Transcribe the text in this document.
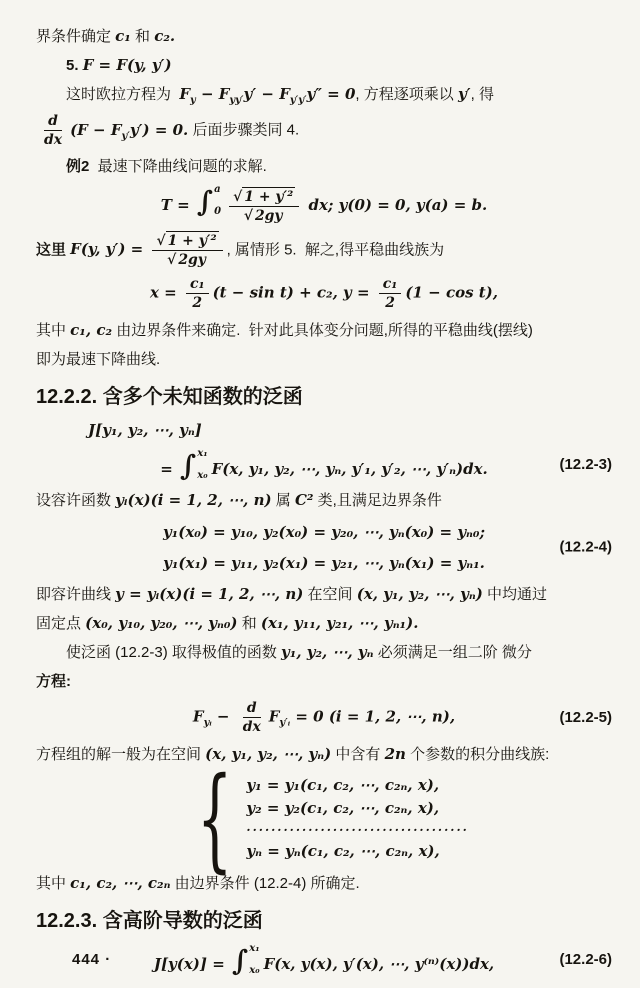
界条件确定 c₁ 和 c₂.
5. F = F(y, y′)
这时欧拉方程为  $F_y - F_{yy'}y' - F_{y'y'}y'' = 0$, 方程逐项乘以 y′, 得
$\frac{d}{dx} (F - F_{y'}y') = 0$. 后面步骤类同 4.
例2  最速下降曲线问题的求解.
T = ∫ a
$0 \frac{\text{√ 1 + y′²}}{√ 2gy}$ dx; y(0) = 0, y(a) = b.
这里 F(y, $y') = \frac{\text{√ 1 + y′²}}{√ 2gy}$ , 属情形 5.  解之,得平稳曲线族为
$x = \frac{\text{c₁}}{2} (t - \sin t) + c_2$, $y = \frac{\text{c₁}}{2} (1 - \cos t)$,
其中 c₁, c₂ 由边界条件来确定.  针对此具体变分问题,所得的平稳曲线(摆线)
即为最速下降曲线.
12.2.2. 含多个未知函数的泛函
J[y₁, y₂, ⋯, yₙ]
= ∫ x₁
x₀ F(x, y₁, y₂, ⋯, yₙ, y′₁, y′₂, ⋯, y′ₙ)dx.	(12.2-3)
设容许函数 yᵢ(x)(i = 1, 2, ⋯, n) 属 C² 类,且满足边界条件
y₁(x₀) = y₁₀, y₂(x₀) = y₂₀, ⋯, yₙ(x₀) = yₙ₀;
y₁(x₁) = y₁₁, y₂(x₁) = y₂₁, ⋯, yₙ(x₁) = yₙ₁.
(12.2-4)
即容许曲线 y = yᵢ(x)(i = 1, 2, ⋯, n) 在空间 (x, y₁, y₂, ⋯, yₙ) 中均通过
固定点 (x₀, y₁₀, y₂₀, ⋯, yₙ₀) 和 (x₁, y₁₁, y₂₁, ⋯, yₙ₁).
使泛函 (12.2-3) 取得极值的函数 y₁, y₂, ⋯, yₙ 必须满足一组二阶 微分
方程:
$F_{yᵢ} - \frac{d}{dx} F_{y'ᵢ} = 0$ (i = 1, 2, ⋯, n),	(12.2-5)
方程组的解一般为在空间 (x, y₁, y₂, ⋯, yₙ) 中含有 2n 个参数的积分曲线族:
{ y₁ = y₁(c₁, c₂, ⋯, c₂ₙ, x),
y₂ = y₂(c₁, c₂, ⋯, c₂ₙ, x),
····································
yₙ = yₙ(c₁, c₂, ⋯, c₂ₙ, x),
其中 c₁, c₂, ⋯, c₂ₙ 由边界条件 (12.2-4) 所确定.
12.2.3. 含高阶导数的泛函
J[y(x)] = ∫ x₁
x₀ F(x, y(x), y′(x), ⋯, y⁽ⁿ⁾(x))dx,	(12.2-6)
444 ·
